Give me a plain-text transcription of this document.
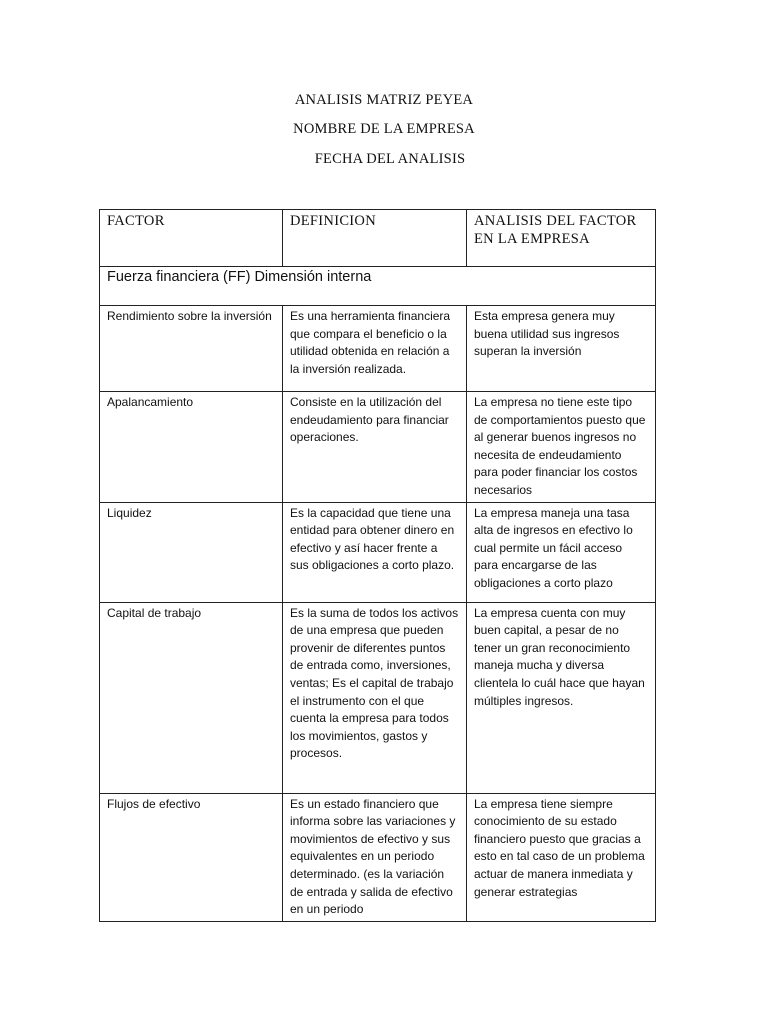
ANALISIS MATRIZ PEYEA
NOMBRE DE LA EMPRESA
FECHA DEL ANALISIS
FACTOR	DEFINICION	ANALISIS DEL FACTOR EN LA EMPRESA
Fuerza financiera (FF) Dimensión interna		
Rendimiento sobre la inversión	Es una herramienta financiera que compara el beneficio o la utilidad obtenida en relación a la inversión realizada.	Esta empresa genera muy buena utilidad sus ingresos superan la inversión
Apalancamiento	Consiste en la utilización del endeudamiento para financiar operaciones.	La empresa no tiene este tipo de comportamientos puesto que al generar buenos ingresos no necesita de endeudamiento para poder financiar los costos necesarios
Liquidez	Es la capacidad que tiene una entidad para obtener dinero en efectivo y así hacer frente a sus obligaciones a corto plazo.	La empresa maneja una tasa alta de ingresos en efectivo lo cual permite un fácil acceso para encargarse de las obligaciones a corto plazo
Capital de trabajo	Es la suma de todos los activos de una empresa que pueden provenir de diferentes puntos de entrada como, inversiones, ventas; Es el capital de trabajo el instrumento con el que cuenta la empresa para todos los movimientos, gastos y procesos.	La empresa cuenta con muy buen capital, a pesar de no tener un gran reconocimiento maneja mucha y diversa clientela lo cuál hace que hayan múltiples ingresos.
Flujos de efectivo	Es un estado financiero que informa sobre las variaciones y movimientos de efectivo y sus equivalentes en un periodo determinado. (es la variación de entrada y salida de efectivo en un periodo	La empresa tiene siempre conocimiento de su estado financiero puesto que gracias a esto en tal caso de un problema actuar de manera inmediata y generar estrategias
